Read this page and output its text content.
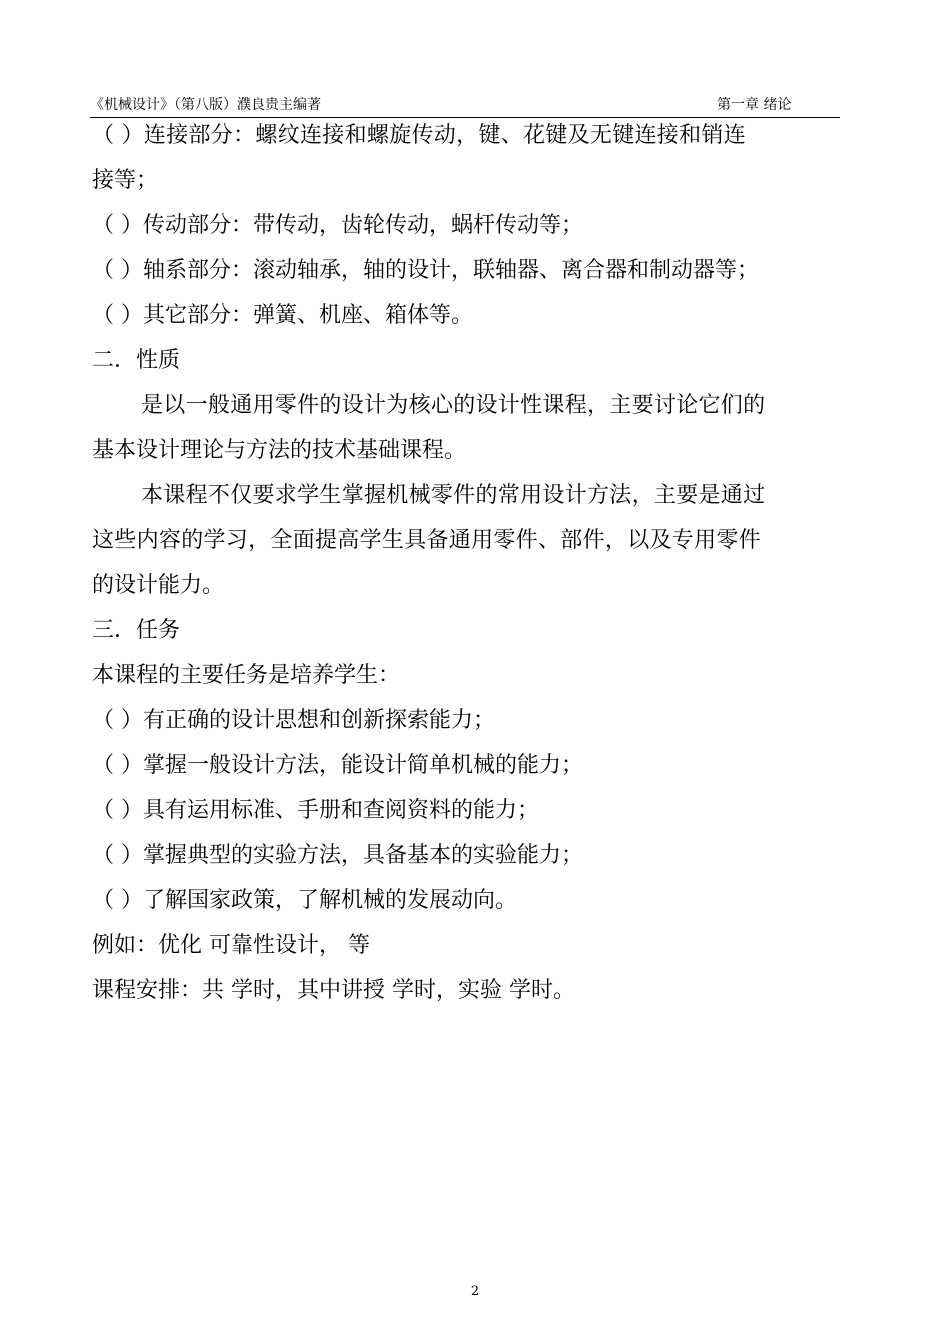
《机械设计》（第八版）濮良贵主编著	第一章 绪论
（ ）连接部分：螺纹连接和螺旋传动，键、花键及无键连接和销连
接等；
（ ）传动部分：带传动，齿轮传动，蜗杆传动等；
（ ）轴系部分：滚动轴承，轴的设计，联轴器、离合器和制动器等；
（ ）其它部分：弹簧、机座、箱体等。
二．性质
是以一般通用零件的设计为核心的设计性课程，主要讨论它们的
基本设计理论与方法的技术基础课程。
本课程不仅要求学生掌握机械零件的常用设计方法，主要是通过
这些内容的学习，全面提高学生具备通用零件、部件，以及专用零件
的设计能力。
三．任务
本课程的主要任务是培养学生：
（ ）有正确的设计思想和创新探索能力；
（ ）掌握一般设计方法，能设计简单机械的能力；
（ ）具有运用标准、手册和查阅资料的能力；
（ ）掌握典型的实验方法，具备基本的实验能力；
（ ）了解国家政策，了解机械的发展动向。
例如：优化 可靠性设计， 等
课程安排：共 学时，其中讲授 学时，实验 学时。
2
